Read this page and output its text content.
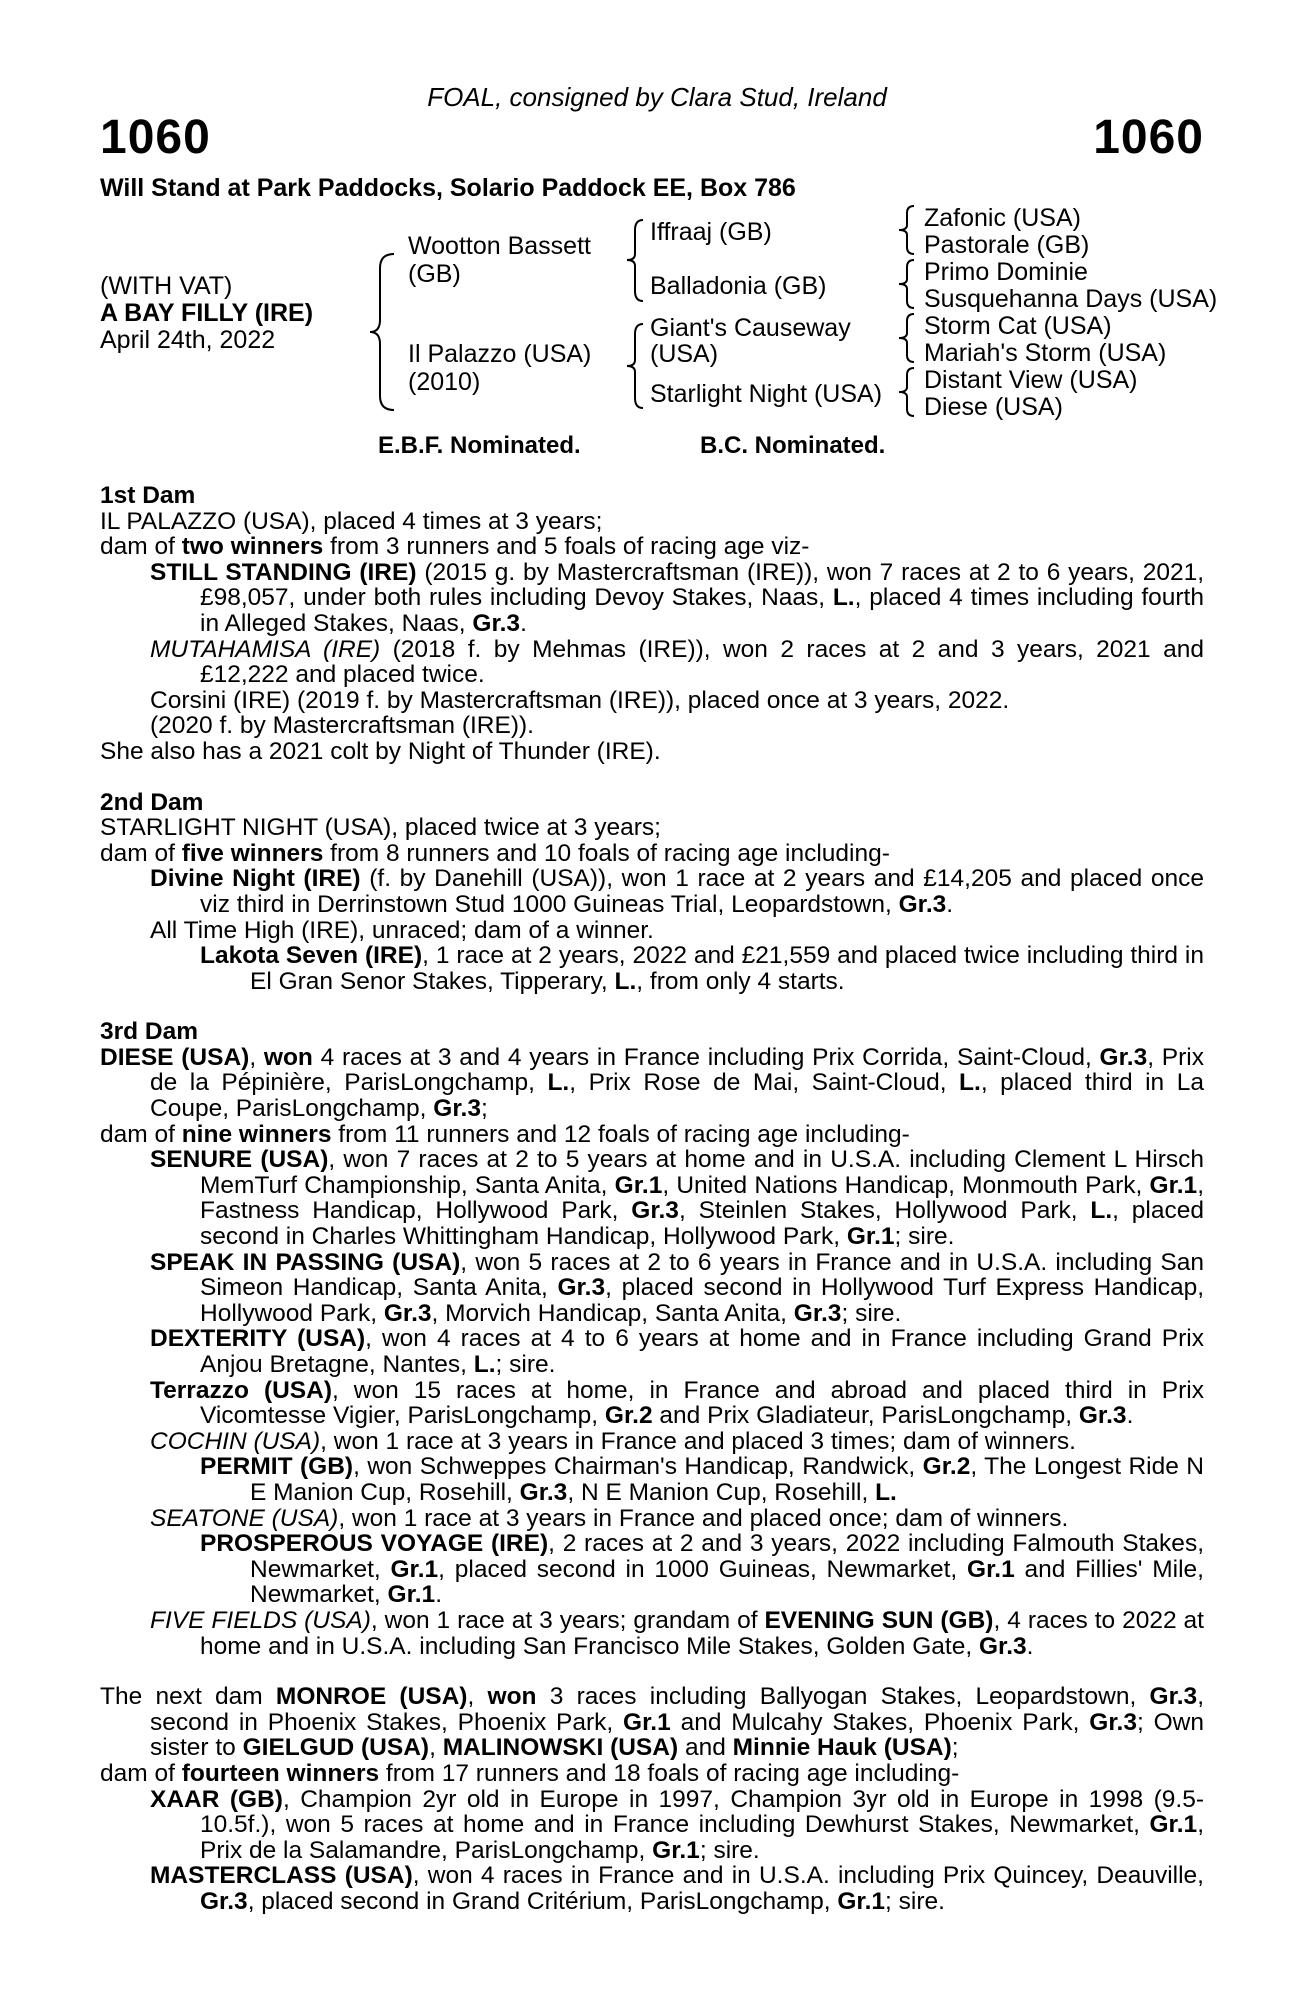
FOAL, consigned by Clara Stud, Ireland
1060	1060
Will Stand at Park Paddocks, Solario Paddock EE, Box 786
(WITH VAT)
A BAY FILLY (IRE)
April 24th, 2022
Wootton Bassett
(GB)
Il Palazzo (USA)
(2010)
Iffraaj (GB)
Balladonia (GB)
Giant's Causeway
(USA)
Starlight Night (USA)
Zafonic (USA)
Pastorale (GB)
Primo Dominie
Susquehanna Days (USA)
Storm Cat (USA)
Mariah's Storm (USA)
Distant View (USA)
Diese (USA)
E.B.F. Nominated.	B.C. Nominated.

1st Dam

IL PALAZZO (USA), placed 4 times at 3 years;

dam of two winners from 3 runners and 5 foals of racing age viz-

STILL STANDING (IRE) (2015 g. by Mastercraftsman (IRE)), won 7 races at 2 to 6 years, 2021, £98,057, under both rules including Devoy Stakes, Naas, L., placed 4 times including fourth in Alleged Stakes, Naas, Gr.3.

MUTAHAMISA (IRE) (2018 f. by Mehmas (IRE)), won 2 races at 2 and 3 years, 2021 and £12,222 and placed twice.

Corsini (IRE) (2019 f. by Mastercraftsman (IRE)), placed once at 3 years, 2022.

(2020 f. by Mastercraftsman (IRE)).

She also has a 2021 colt by Night of Thunder (IRE).

2nd Dam

STARLIGHT NIGHT (USA), placed twice at 3 years;

dam of five winners from 8 runners and 10 foals of racing age including-

Divine Night (IRE) (f. by Danehill (USA)), won 1 race at 2 years and £14,205 and placed once viz third in Derrinstown Stud 1000 Guineas Trial, Leopardstown, Gr.3.

All Time High (IRE), unraced; dam of a winner.

Lakota Seven (IRE), 1 race at 2 years, 2022 and £21,559 and placed twice including third in El Gran Senor Stakes, Tipperary, L., from only 4 starts.

3rd Dam

DIESE (USA), won 4 races at 3 and 4 years in France including Prix Corrida, Saint-Cloud, Gr.3, Prix de la Pépinière, ParisLongchamp, L., Prix Rose de Mai, Saint-Cloud, L., placed third in La Coupe, ParisLongchamp, Gr.3;

dam of nine winners from 11 runners and 12 foals of racing age including-

SENURE (USA), won 7 races at 2 to 5 years at home and in U.S.A. including Clement L Hirsch MemTurf Championship, Santa Anita, Gr.1, United Nations Handicap, Monmouth Park, Gr.1, Fastness Handicap, Hollywood Park, Gr.3, Steinlen Stakes, Hollywood Park, L., placed second in Charles Whittingham Handicap, Hollywood Park, Gr.1; sire.

SPEAK IN PASSING (USA), won 5 races at 2 to 6 years in France and in U.S.A. including San Simeon Handicap, Santa Anita, Gr.3, placed second in Hollywood Turf Express Handicap, Hollywood Park, Gr.3, Morvich Handicap, Santa Anita, Gr.3; sire.

DEXTERITY (USA), won 4 races at 4 to 6 years at home and in France including Grand Prix Anjou Bretagne, Nantes, L.; sire.

Terrazzo (USA), won 15 races at home, in France and abroad and placed third in Prix Vicomtesse Vigier, ParisLongchamp, Gr.2 and Prix Gladiateur, ParisLongchamp, Gr.3.

COCHIN (USA), won 1 race at 3 years in France and placed 3 times; dam of winners.

PERMIT (GB), won Schweppes Chairman's Handicap, Randwick, Gr.2, The Longest Ride N E Manion Cup, Rosehill, Gr.3, N E Manion Cup, Rosehill, L.

SEATONE (USA), won 1 race at 3 years in France and placed once; dam of winners.

PROSPEROUS VOYAGE (IRE), 2 races at 2 and 3 years, 2022 including Falmouth Stakes, Newmarket, Gr.1, placed second in 1000 Guineas, Newmarket, Gr.1 and Fillies' Mile, Newmarket, Gr.1.

FIVE FIELDS (USA), won 1 race at 3 years; grandam of EVENING SUN (GB), 4 races to 2022 at home and in U.S.A. including San Francisco Mile Stakes, Golden Gate, Gr.3.

The next dam MONROE (USA), won 3 races including Ballyogan Stakes, Leopardstown, Gr.3, second in Phoenix Stakes, Phoenix Park, Gr.1 and Mulcahy Stakes, Phoenix Park, Gr.3; Own sister to GIELGUD (USA), MALINOWSKI (USA) and Minnie Hauk (USA);

dam of fourteen winners from 17 runners and 18 foals of racing age including-

XAAR (GB), Champion 2yr old in Europe in 1997, Champion 3yr old in Europe in 1998 (9.5-10.5f.), won 5 races at home and in France including Dewhurst Stakes, Newmarket, Gr.1, Prix de la Salamandre, ParisLongchamp, Gr.1; sire.

MASTERCLASS (USA), won 4 races in France and in U.S.A. including Prix Quincey, Deauville, Gr.3, placed second in Grand Critérium, ParisLongchamp, Gr.1; sire.
